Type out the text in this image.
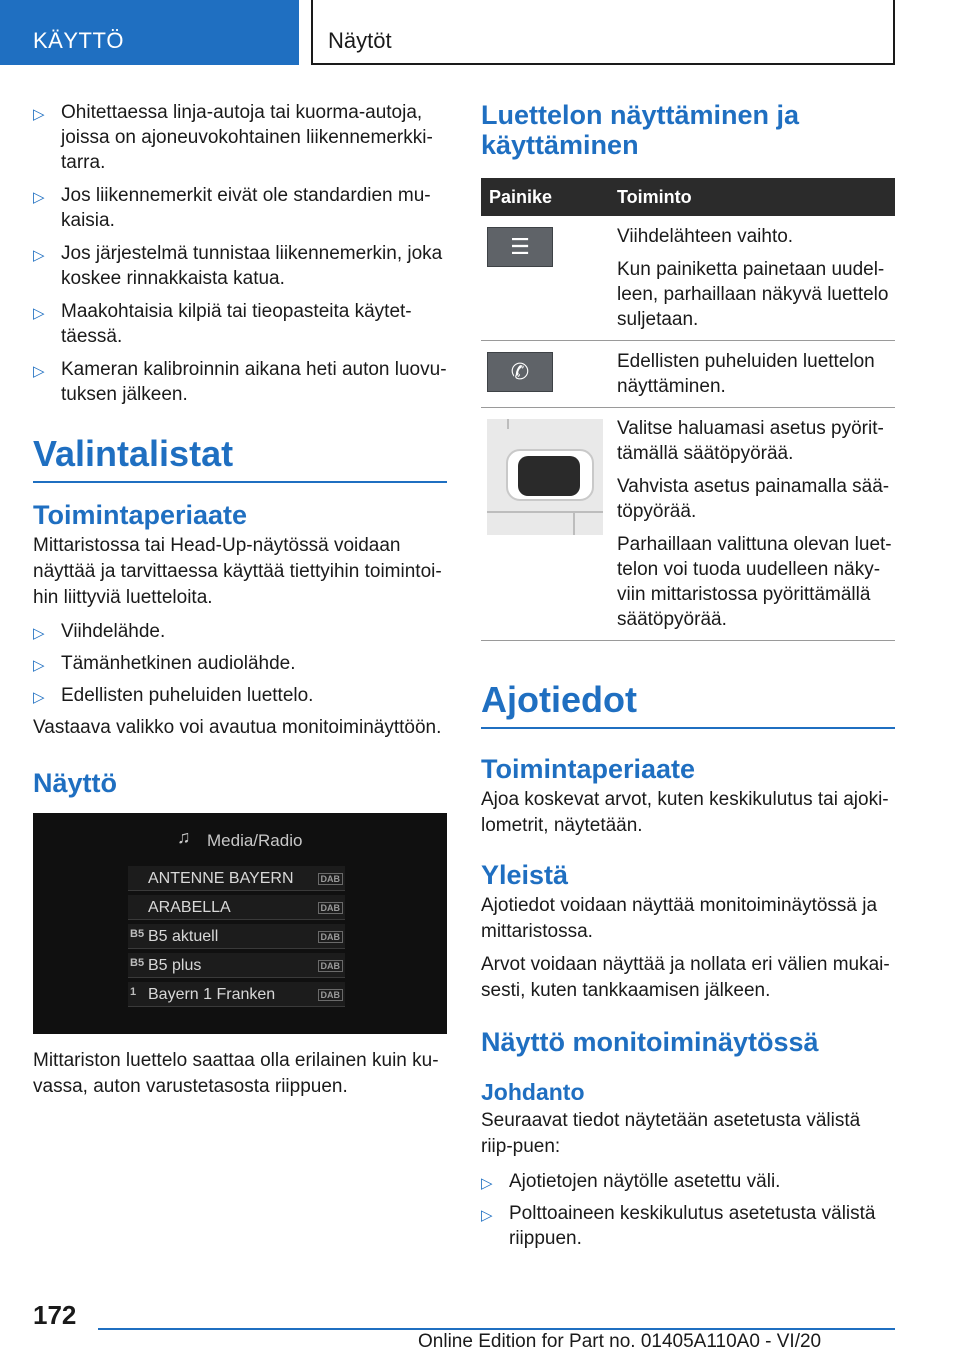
KÄYTTÖ	Näytöt
▷ Ohitettaessa linja-autoja tai kuorma-autoja, joissa on ajoneuvokohtainen liikennemerkki-tarra.
▷ Jos liikennemerkit eivät ole standardien mu-kaisia.
▷ Jos järjestelmä tunnistaa liikennemerkin, joka koskee rinnakkaista katua.
▷ Maakohtaisia kilpiä tai tieopasteita käytet-täessä.
▷ Kameran kalibroinnin aikana heti auton luovu-tuksen jälkeen.
Valintalistat
Toimintaperiaate

Mittaristossa tai Head-Up-näytössä voidaan näyttää ja tarvittaessa käyttää tiettyihin toimintoi-hin liittyviä luetteloita.

▷ Viihdelähde.
▷ Tämänhetkinen audiolähde.
▷ Edellisten puheluiden luettelo.

Vastaava valikko voi avautua monitoiminäyttöön.

Näyttö
♫ Media/Radio
ANTENNE BAYERN	DAB
ARABELLA	DAB
B5 B5 aktuell	DAB
B5 B5 plus	DAB
1 Bayern 1 Franken	DAB

Mittariston luettelo saattaa olla erilainen kuin ku-vassa, auton varustetasosta riippuen.

Luettelon näyttäminen ja käyttäminen
Painike	Toiminto

☰	Viihdelähteen vaihto.

Kun painiketta painetaan uudel-leen, parhaillaan näkyvä luettelo suljetaan.

✆	Edellisten puheluiden luettelon näyttäminen.

	Valitse haluamasi asetus pyörit-tämällä säätöpyörää.

Vahvista asetus painamalla sää-töpyörää.

Parhaillaan valittuna olevan luet-telon voi tuoda uudelleen näky-viin mittaristossa pyörittämällä säätöpyörää.

Ajotiedot
Toimintaperiaate

Ajoa koskevat arvot, kuten keskikulutus tai ajoki-lometrit, näytetään.

Yleistä

Ajotiedot voidaan näyttää monitoiminäytössä ja mittaristossa.

Arvot voidaan näyttää ja nollata eri välien mukai-sesti, kuten tankkaamisen jälkeen.

Näyttö monitoiminäytössä
Johdanto

Seuraavat tiedot näytetään asetetusta välistä riip-puen:

▷ Ajotietojen näytölle asetettu väli.
▷ Polttoaineen keskikulutus asetetusta välistä riippuen.
172
Online Edition for Part no. 01405A110A0 - VI/20
